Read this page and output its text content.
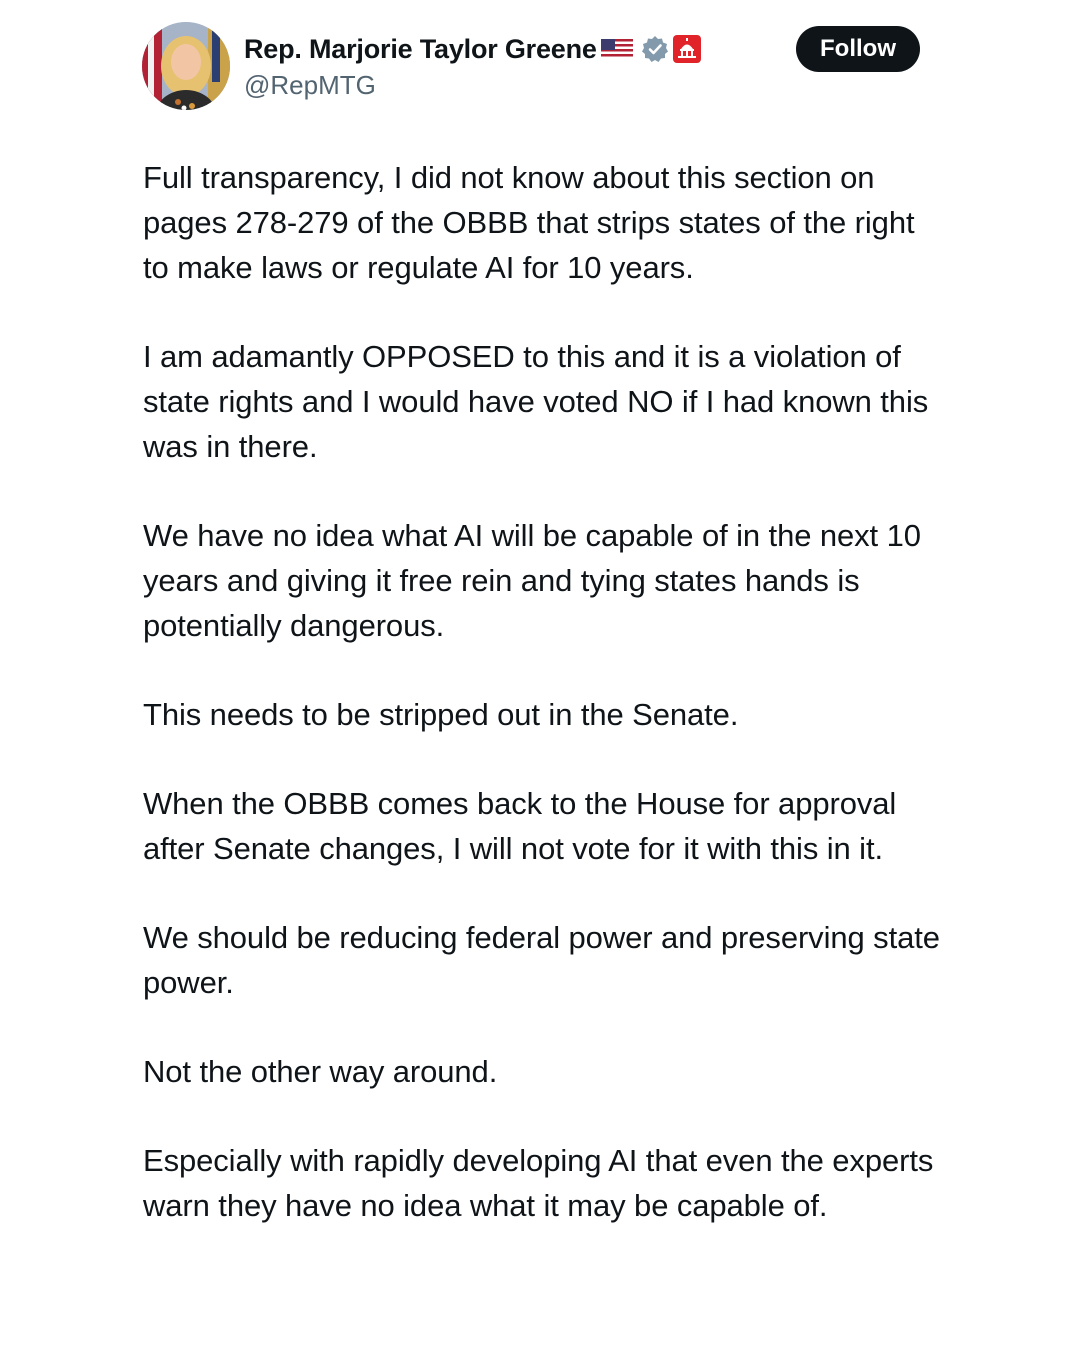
Rep. Marjorie Taylor Greene
@RepMTG
Follow

Full transparency, I did not know about this section on pages 278-279 of the OBBB that strips states of the right to make laws or regulate AI for 10 years.

I am adamantly OPPOSED to this and it is a violation of state rights and I would have voted NO if I had known this was in there.

We have no idea what AI will be capable of in the next 10 years and giving it free rein and tying states hands is potentially dangerous.

This needs to be stripped out in the Senate.

When the OBBB comes back to the House for approval after Senate changes, I will not vote for it with this in it.

We should be reducing federal power and preserving state power.

Not the other way around.

Especially with rapidly developing AI that even the experts warn they have no idea what it may be capable of.
